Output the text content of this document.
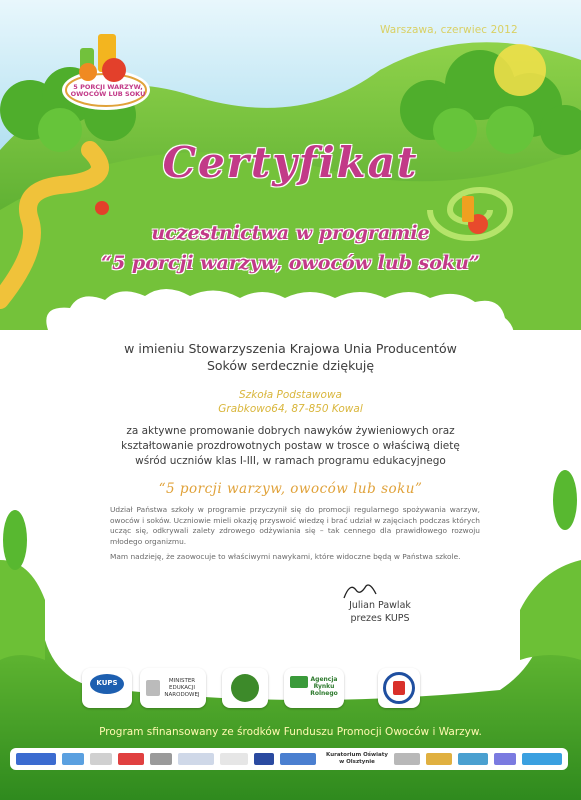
5 PORCJI WARZYW, OWOCÓW LUB SOKU
Warszawa, czerwiec 2012
Certyfikat
uczestnictwa w programie
“5 porcji warzyw, owoców lub soku”
w imieniu Stowarzyszenia Krajowa Unia Producentów
Soków serdecznie dziękuję
Szkoła Podstawowa
Grabkowo64, 87-850 Kowal
za aktywne promowanie dobrych nawyków żywieniowych oraz kształtowanie prozdrowotnych postaw w trosce o właściwą dietę wśród uczniów klas I-III, w ramach programu edukacyjnego
“5 porcji warzyw, owoców lub soku”
Udział Państwa szkoły w programie przyczynił się do promocji regularnego spożywania warzyw, owoców i soków. Uczniowie mieli okazję przyswoić wiedzę i brać udział w zajęciach podczas których ucząc się, odkrywali zalety zdrowego odżywiania się – tak cennego dla prawidłowego rozwoju młodego organizmu.
Mam nadzieję, że zaowocuje to właściwymi nawykami, które widoczne będą w Państwa szkole.
Julian Pawlak
prezes KUPS
KUPS	MINISTER EDUKACJI NARODOWEJ
Agencja Rynku Rolnego
Program sfinansowany ze środków Funduszu Promocji Owoców i Warzyw.
Kuratorium Oświaty w Olsztynie
